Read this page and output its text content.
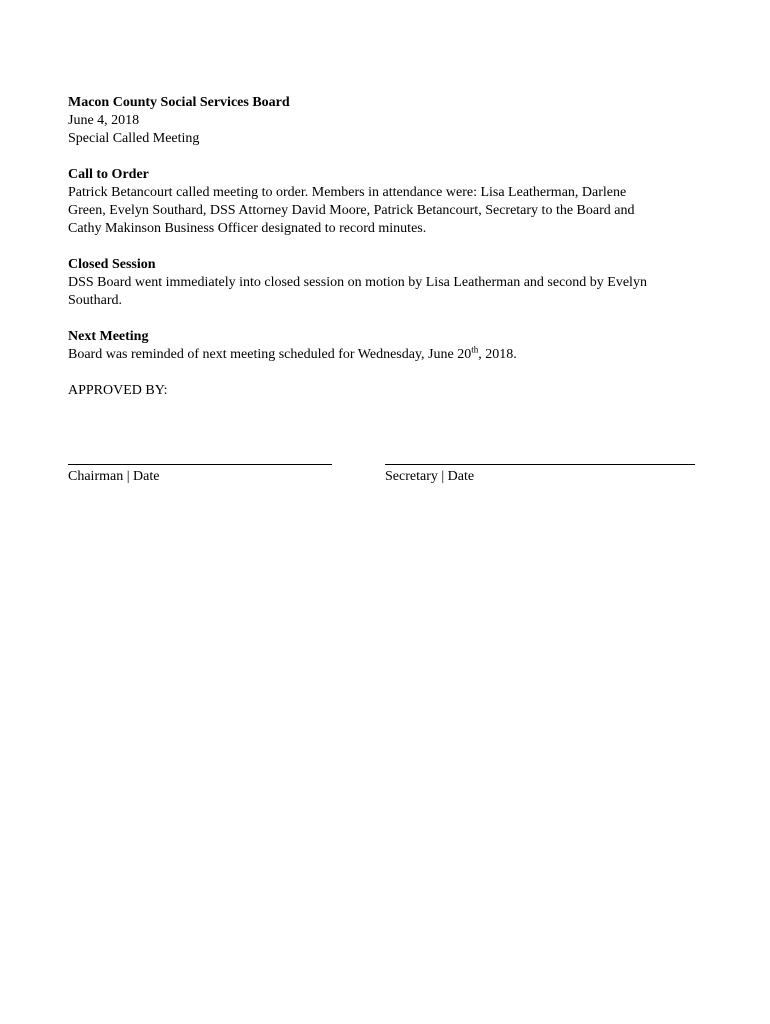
Macon County Social Services Board
June 4, 2018
Special Called Meeting
Call to Order
Patrick Betancourt called meeting to order. Members in attendance were: Lisa Leatherman, Darlene
Green, Evelyn Southard, DSS Attorney David Moore, Patrick Betancourt, Secretary to the Board and
Cathy Makinson Business Officer designated to record minutes.
Closed Session
DSS Board went immediately into closed session on motion by Lisa Leatherman and second by Evelyn
Southard.
Next Meeting
Board was reminded of next meeting scheduled for Wednesday, June 20th, 2018.
APPROVED BY:
Chairman | Date	Secretary | Date
